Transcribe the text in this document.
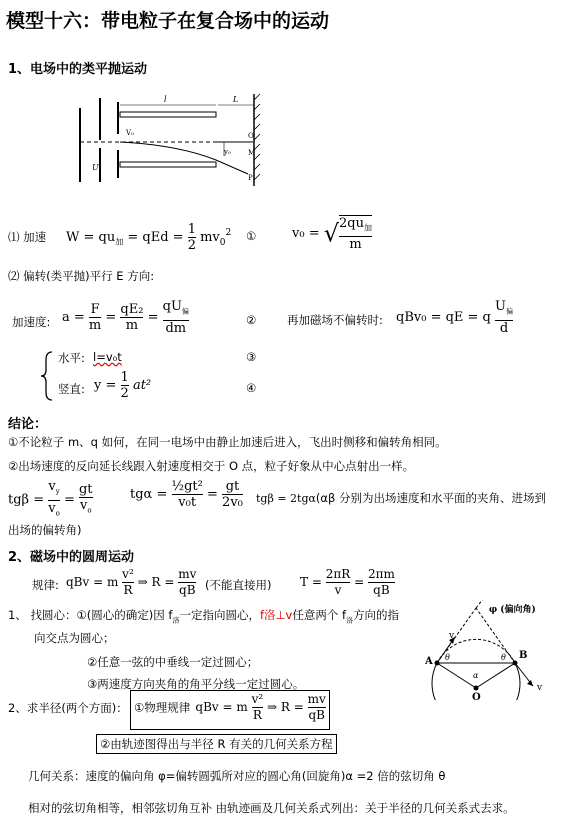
模型十六：带电粒子在复合场中的运动
1、电场中的类平抛运动
l	L
V₀
y₀
O
M
P
U₁
⑴ 加速 $W = qu_加$ = qEd = $\frac{1}{2} mv_0^2$ ①	v₀ = √ $\frac{2qu_加}{m}$
⑵ 偏转(类平抛)平行 E 方向:
加速度: $a = \frac{F}{m} = \frac{\text{qE₂}}{m} = \frac{qU_偏}{dm}$	②	再加磁场不偏转时: qBv₀ = qE = q $\frac{U_偏}{d}$
水平: l=v₀t	③
竖直: $y = \frac{1}{2} at^2$	④
结论：
①不论粒子 m、q 如何，在同一电场中由静止加速后进入，飞出时侧移和偏转角相同。
②出场速度的反向延长线跟入射速度相交于 O 点，粒子好象从中心点射出一样。
$tg\beta = \frac{v_y}{v_o} = \frac{gt}{v_o}$	$tg\alpha = \frac{\text{½gt²}}{\text{v₀t}} = \frac{gt}{\text{2v₀}}$ tgβ = 2tgα(αβ 分别为出场速度和水平面的夹角、进场到
出场的偏转角)
2、磁场中的圆周运动
规律: qBv = m $\frac{\text{v²}}{R}$ ⇒ $R = \frac{mv}{qB}$ (不能直接用) $T = \frac{2\pi R}{v} = \frac{2\pi m}{qB}$
1、 找圆心：①(圆心的确定)因 $f_洛$一定指向圆心，f洛⊥v任意两个 $f_洛$方向的指
向交点为圆心；
②任意一弦的中垂线一定过圆心；
③两速度方向夹角的角平分线一定过圆心。
2、求半径(两个方面)： ①物理规律 qBv = m $\frac{\text{v²}}{R}$ ⇒ $R = \frac{mv}{qB}$
②由轨迹图得出与半径 R 有关的几何关系方程
几何关系：速度的偏向角 φ=偏转圆弧所对应的圆心角(回旋角)α =2 倍的弦切角 θ
相对的弦切角相等，相邻弦切角互补 由轨迹画及几何关系式列出：关于半径的几何关系式去求。
φ (偏向角)
v
v
A
B
O
θ	θ
α
